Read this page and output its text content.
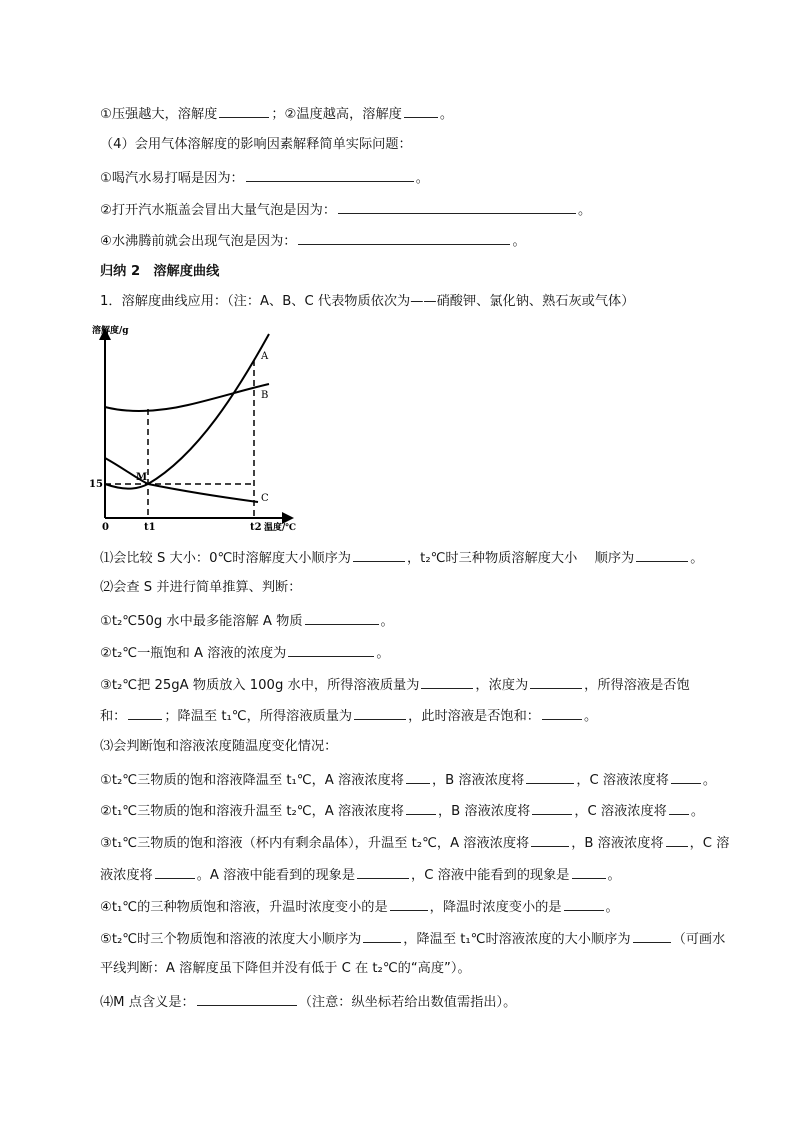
①压强越大，溶解度	；②温度越高，溶解度	。
（4）会用气体溶解度的影响因素解释简单实际问题：
①喝汽水易打嗝是因为：	。
②打开汽水瓶盖会冒出大量气泡是因为：	。
④水沸腾前就会出现气泡是因为：	。
归纳 2　溶解度曲线
1．溶解度曲线应用：（注：A、B、C 代表物质依次为——硝酸钾、氯化钠、熟石灰或气体）
溶解度/g
温度/℃
0	t1	t2
15
M
A
B
C
⑴会比较 S 大小：0℃时溶解度大小顺序为	，t₂℃时三种物质溶解度大小　 顺序为	。
⑵会查 S 并进行简单推算、判断：
①t₂℃50g 水中最多能溶解 A 物质	。
②t₂℃一瓶饱和 A 溶液的浓度为	。
③t₂℃把 25gA 物质放入 100g 水中，所得溶液质量为	，浓度为	，所得溶液是否饱
和：	；降温至 t₁℃，所得溶液质量为	，此时溶液是否饱和：	。
⑶会判断饱和溶液浓度随温度变化情况：
①t₂℃三物质的饱和溶液降温至 t₁℃，A 溶液浓度将 ，B 溶液浓度将	，C 溶液浓度将	。
②t₁℃三物质的饱和溶液升温至 t₂℃，A 溶液浓度将	，B 溶液浓度将	，C 溶液浓度将 。
③t₁℃三物质的饱和溶液（杯内有剩余晶体），升温至 t₂℃，A 溶液浓度将	，B 溶液浓度将 ，C 溶
液浓度将	。A 溶液中能看到的现象是	，C 溶液中能看到的现象是	。
④t₁℃的三种物质饱和溶液，升温时浓度变小的是	，降温时浓度变小的是	。
⑤t₂℃时三个物质饱和溶液的浓度大小顺序为	，降温至 t₁℃时溶液浓度的大小顺序为	（可画水
平线判断：A 溶解度虽下降但并没有低于 C 在 t₂℃的“高度”）。
⑷M 点含义是：	（注意：纵坐标若给出数值需指出）。
